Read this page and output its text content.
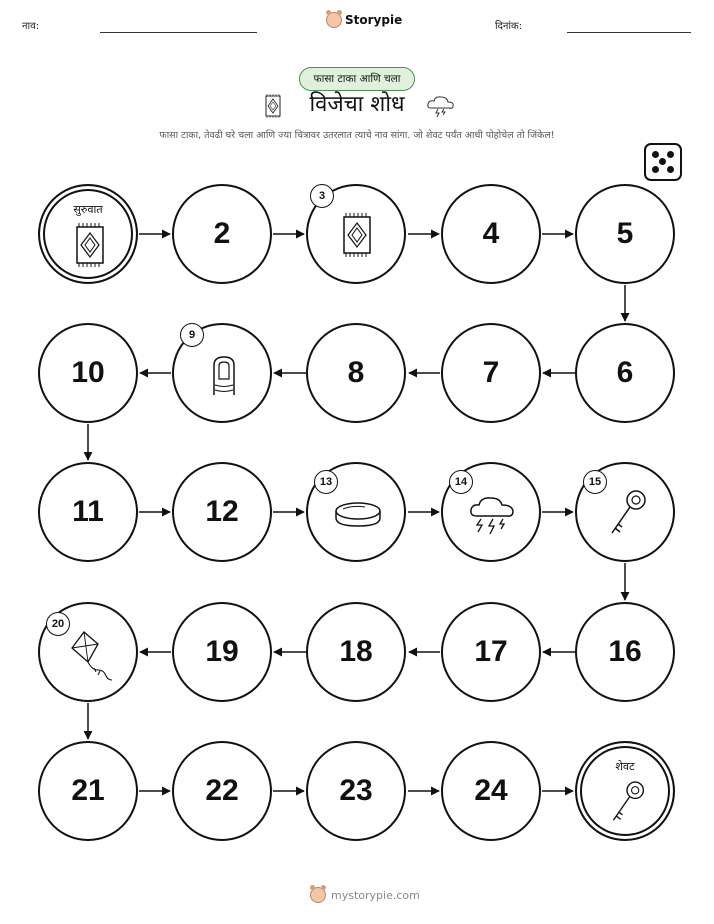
नाव:	Storypie	दिनांक:
फासा टाका आणि चला
विजेचा शोध
फासा टाका, तेवढी घरे चला आणि ज्या चित्रावर उतरलात त्याचे नाव सांगा. जो शेवट पर्यंत आधी पोहोचेल तो जिंकेल!
सुरुवात
2
3
4	5
10
9
8	7	6
11	12
13	14	15
20
19	18	17	16
21	22	23	24
शेवट
mystorypie.com
